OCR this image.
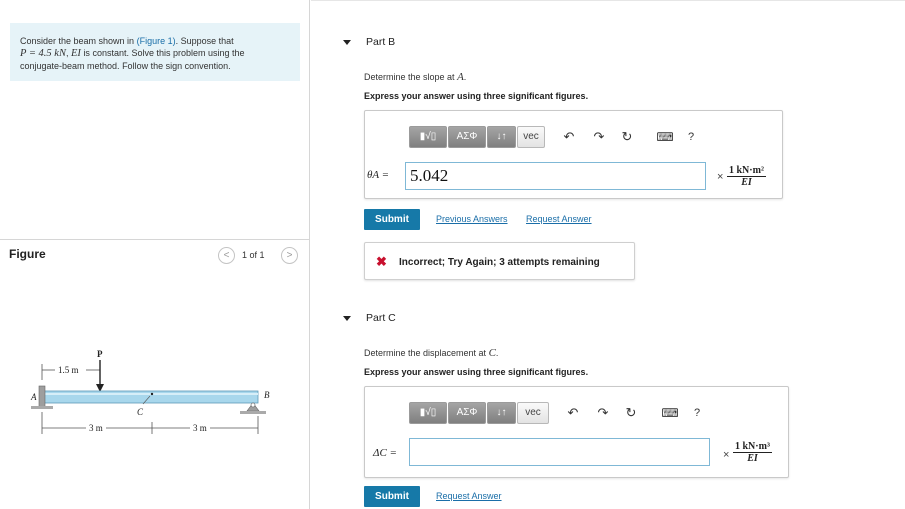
Consider the beam shown in (Figure 1). Suppose that
P = 4.5 kN, EI is constant. Solve this problem using the
conjugate-beam method. Follow the sign convention.
Figure	<	1 of 1	>
1.5 m
P
A
C
B
3 m	3 m
Part B
Determine the slope at A.
Express your answer using three significant figures.
▮√▯	ΑΣΦ	↓↑	vec	↶ ↷ ↻	⌨	?
θA = 5.042	× $\frac{\text{1 kN·m²}}{EI}$
Submit	Previous Answers Request Answer
✖ Incorrect; Try Again; 3 attempts remaining
Part C
Determine the displacement at C.
Express your answer using three significant figures.
▮√▯	ΑΣΦ	↓↑	vec	↶ ↷ ↻	⌨	?
ΔC =	× $\frac{\text{1 kN·m³}}{EI}$
Submit	Request Answer
